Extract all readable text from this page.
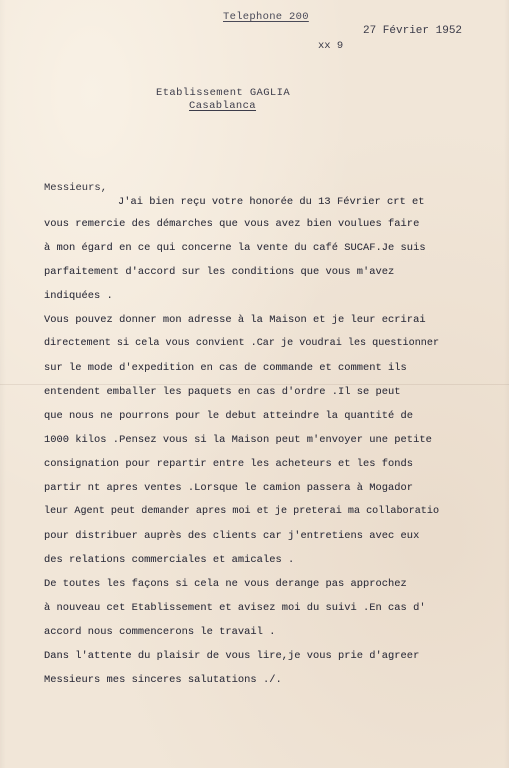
Telephone 200
27 Février 1952
xx 9
Etablissement GAGLIA
Casablanca
Messieurs,
J'ai bien reçu votre honorée du 13 Février crt et
vous remercie des démarches que vous avez bien voulues faire
à mon égard en ce qui concerne la vente du café SUCAF.Je suis
parfaitement d'accord sur les conditions que vous m'avez
indiquées .
Vous pouvez donner mon adresse à la Maison et je leur ecrirai
directement si cela vous convient .Car je voudrai les questionner
sur le mode d'expedition en cas de commande et comment ils
entendent emballer les paquets en cas d'ordre .Il se peut
que nous ne pourrons pour le debut atteindre la quantité de
1000 kilos .Pensez vous si la Maison peut m'envoyer une petite
consignation pour repartir entre les acheteurs et les fonds
partir nt apres ventes .Lorsque le camion passera à Mogador
leur Agent peut demander apres moi et je preterai ma collaboratio
pour distribuer auprès des clients car j'entretiens avec eux
des relations commerciales et amicales .
De toutes les façons si cela ne vous derange pas approchez
à nouveau cet Etablissement et avisez moi du suivi .En cas d'
accord nous commencerons le travail .
Dans l'attente du plaisir de vous lire,je vous prie d'agreer
Messieurs mes sinceres salutations ./.
